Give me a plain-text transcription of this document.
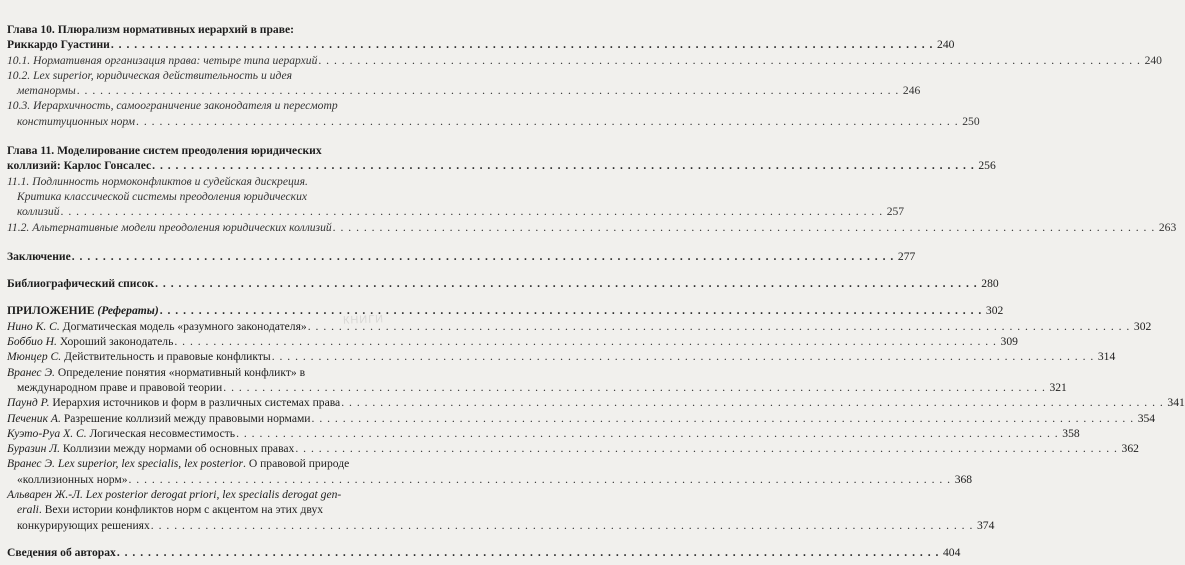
Глава 10. Плюрализм нормативных иерархий в праве:
Риккардо Гуастини . . .	240
10.1. Нормативная организация права: четыре типа иерархий . . .	240
10.2. Lex superior, юридическая действительность и идея
метанормы . . .	246
10.3. Иерархичность, самоограничение законодателя и пересмотр
конституционных норм . . .	250
Глава 11. Моделирование систем преодоления юридических
коллизий: Карлос Гонсалес . . .	256
11.1. Подлинность нормоконфликтов и судейская дискреция.
Критика классической системы преодоления юридических
коллизий . . .	257
11.2. Альтернативные модели преодоления юридических коллизий . . .	263
Заключение . . .	277
Библиографический список . . .	280
ПРИЛОЖЕНИЕ (Рефераты) . . .	302
Нино К. С. Догматическая модель «разумного законодателя» . . .	302
Боббио Н. Хороший законодатель . . .	309
Мюнцер С. Действительность и правовые конфликты . . .	314
Вранес Э. Определение понятия «нормативный конфликт» в
международном праве и правовой теории . . .	321
Паунд Р. Иерархия источников и форм в различных системах права . . .	341
Печеник А. Разрешение коллизий между правовыми нормами . . .	354
Куэто-Руа Х. С. Логическая несовместимость . . .	358
Буразин Л. Коллизии между нормами об основных правах . . .	362
Вранес Э. Lex superior, lex specialis, lex posterior. О правовой природе
«коллизионных норм» . . .	368
Альварен Ж.-Л. Lex posterior derogat priori, lex specialis derogat gen-
erali. Вехи истории конфликтов норм с акцентом на этих двух
конкурирующих решениях . . .	374
Сведения об авторах . . .	404
КНИГИ
